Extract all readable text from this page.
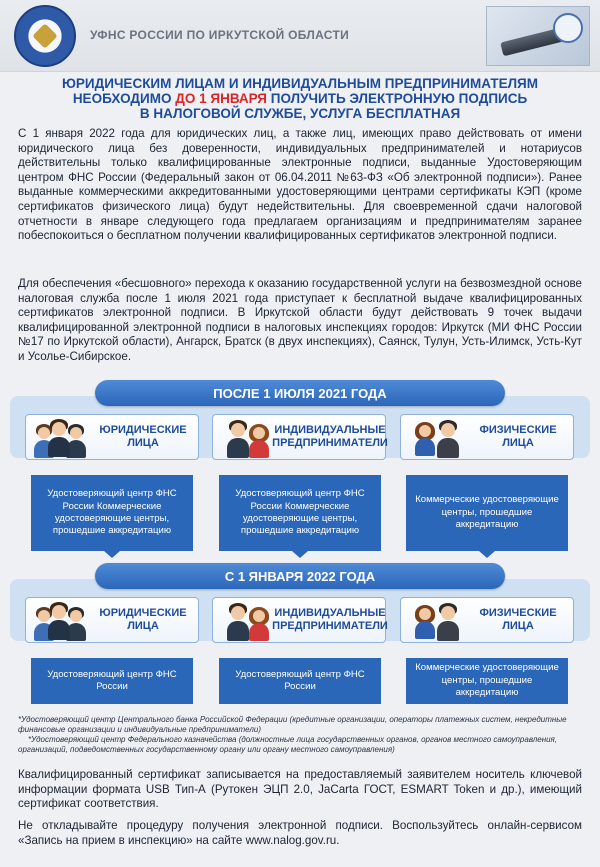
УФНС РОССИИ ПО ИРКУТСКОЙ ОБЛАСТИ
ЮРИДИЧЕСКИМ ЛИЦАМ И ИНДИВИДУАЛЬНЫМ ПРЕДПРИНИМАТЕЛЯМ
НЕОБХОДИМО ДО 1 ЯНВАРЯ ПОЛУЧИТЬ ЭЛЕКТРОННУЮ ПОДПИСЬ
В НАЛОГОВОЙ СЛУЖБЕ, УСЛУГА БЕСПЛАТНАЯ

С 1 января 2022 года для юридических лиц, а также лиц, имеющих право действовать от имени юридического лица без доверенности, индивидуальных предпринимателей и нотариусов действительны только квалифицированные электронные подписи, выданные Удостоверяющим центром ФНС России (Федеральный закон от 06.04.2011 №63-ФЗ «Об электронной подписи»). Ранее выданные коммерческими аккредитованными удостоверяющими центрами сертификаты КЭП (кроме сертификатов физического лица) будут недействительны. Для своевременной сдачи налоговой отчетности в январе следующего года предлагаем организациям и предпринимателям заранее побеспокоиться о бесплатном получении квалифицированных сертификатов электронной подписи.

Для обеспечения «бесшовного» перехода к оказанию государственной услуги на безвозмездной основе налоговая служба после 1 июля 2021 года приступает к бесплатной выдаче квалифицированных сертификатов электронной подписи. В Иркутской области будут действовать 9 точек выдачи квалифицированной электронной подписи в налоговых инспекциях городов: Иркутск (МИ ФНС России №17 по Иркутской области), Ангарск, Братск (в двух инспекциях), Саянск, Тулун, Усть-Илимск, Усть-Кут и Усолье-Сибирское.

ПОСЛЕ 1 ИЮЛЯ 2021 ГОДА
ЮРИДИЧЕСКИЕ ЛИЦА
ИНДИВИДУАЛЬНЫЕ ПРЕДПРИНИМАТЕЛИ
ФИЗИЧЕСКИЕ ЛИЦА
Удостоверяющий центр ФНС России Коммерческие удостоверяющие центры, прошедшие аккредитацию
Удостоверяющий центр ФНС России Коммерческие удостоверяющие центры, прошедшие аккредитацию
Коммерческие удостоверяющие центры, прошедшие аккредитацию
С 1 ЯНВАРЯ 2022 ГОДА
ЮРИДИЧЕСКИЕ ЛИЦА
ИНДИВИДУАЛЬНЫЕ ПРЕДПРИНИМАТЕЛИ
ФИЗИЧЕСКИЕ ЛИЦА
Удостоверяющий центр ФНС России
Удостоверяющий центр ФНС России
Коммерческие удостоверяющие центры, прошедшие аккредитацию

*Удостоверяющий центр Центрального банка Российской Федерации (кредитные организации, операторы платежных систем, некредитные финансовые организации и индивидуальные предприниматели)

*Удостоверяющий центр Федерального казначейства (должностные лица государственных органов, органов местного самоуправления, организаций, подведомственных государственному органу или органу местного самоуправления)

Квалифицированный сертификат записывается на предоставляемый заявителем носитель ключевой информации формата USB Тип-А (Рутокен ЭЦП 2.0, JaCarta ГОСТ, ESMART Token и др.), имеющий сертификат соответствия.

Не откладывайте процедуру получения электронной подписи. Воспользуйтесь онлайн-сервисом «Запись на прием в инспекцию» на сайте www.nalog.gov.ru.
